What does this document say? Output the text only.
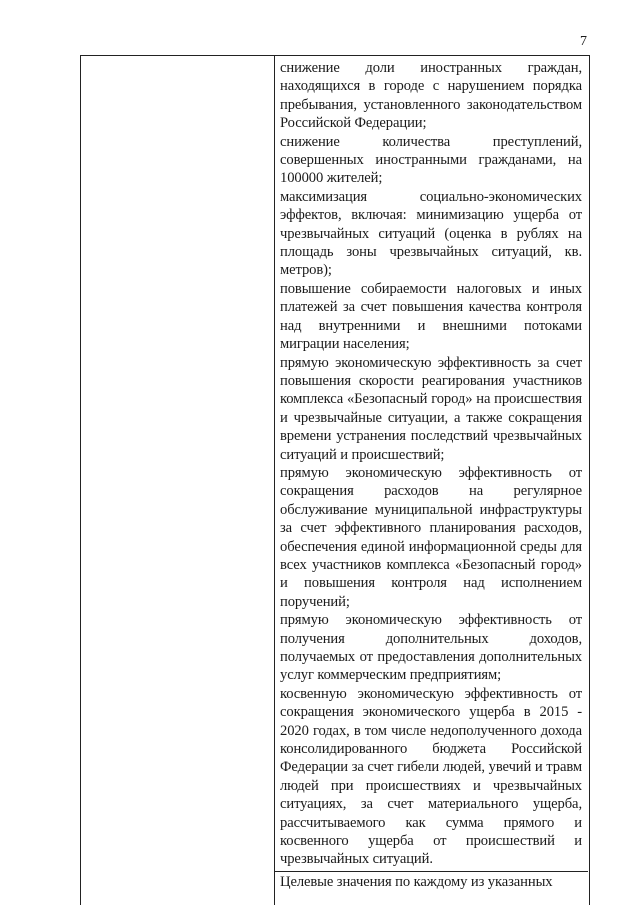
7

снижение доли иностранных граждан, находящихся в городе с нарушением порядка пребывания, установленного законодательством Российской Федерации;

снижение количества преступлений, совершенных иностранными гражданами, на 100000 жителей;

максимизация социально-экономических эффектов, включая: минимизацию ущерба от чрезвычайных ситуаций (оценка в рублях на площадь зоны чрезвычайных ситуаций, кв. метров);

повышение собираемости налоговых и иных платежей за счет повышения качества контроля над внутренними и внешними потоками миграции населения;

прямую экономическую эффективность за счет повышения скорости реагирования участников комплекса «Безопасный город» на происшествия и чрезвычайные ситуации, а также сокращения времени устранения последствий чрезвычайных ситуаций и происшествий;

прямую экономическую эффективность от сокращения расходов на регулярное обслуживание муниципальной инфраструктуры за счет эффективного планирования расходов, обеспечения единой информационной среды для всех участников комплекса «Безопасный город» и повышения контроля над исполнением поручений;

прямую экономическую эффективность от получения дополнительных доходов, получаемых от предоставления дополнительных услуг коммерческим предприятиям;

косвенную экономическую эффективность от сокращения экономического ущерба в 2015 - 2020 годах, в том числе недополученного дохода консолидированного бюджета Российской Федерации за счет гибели людей, увечий и травм людей при происшествиях и чрезвычайных ситуациях, за счет материального ущерба, рассчитываемого как сумма прямого и косвенного ущерба от происшествий и чрезвычайных ситуаций.

Целевые значения по каждому из указанных
